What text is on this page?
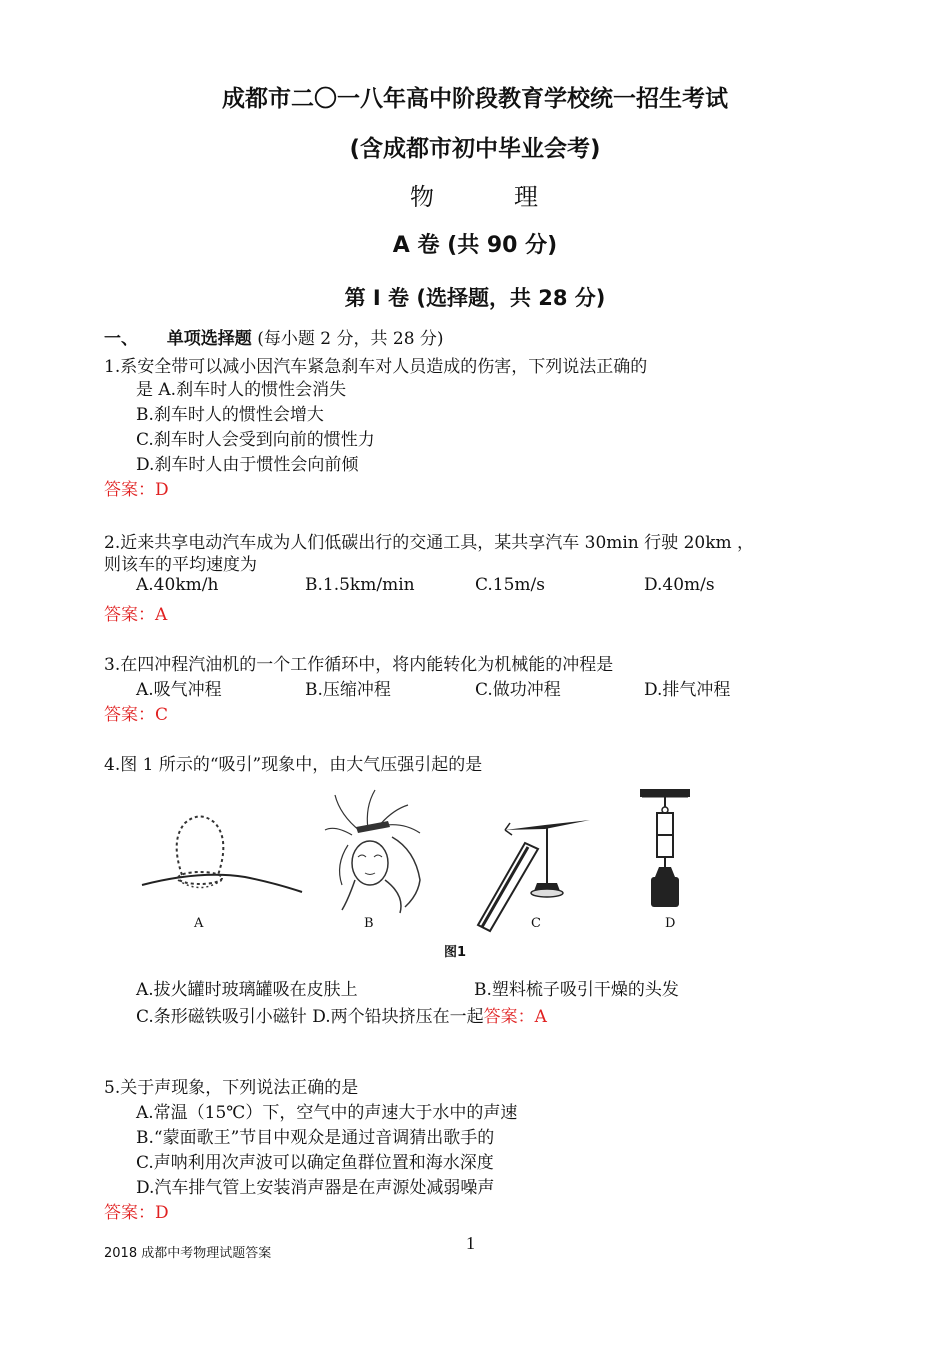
成都市二〇一八年高中阶段教育学校统一招生考试
(含成都市初中毕业会考)
物　　　理
A 卷 (共 90 分)
第 I 卷 (选择题，共 28 分)
一、 单项选择题 (每小题 2 分，共 28 分)
1.系安全带可以减小因汽车紧急刹车对人员造成的伤害，下列说法正确的
是 A.刹车时人的惯性会消失
B.刹车时人的惯性会增大
C.刹车时人会受到向前的惯性力
D.刹车时人由于惯性会向前倾
答案：D
2.近来共享电动汽车成为人们低碳出行的交通工具，某共享汽车 30min 行驶 20km ，
则该车的平均速度为
A.40km/h	B.1.5km/min	C.15m/s	D.40m/s
答案：A
3.在四冲程汽油机的一个工作循环中，将内能转化为机械能的冲程是
A.吸气冲程	B.压缩冲程	C.做功冲程	D.排气冲程
答案：C
4.图 1 所示的“吸引”现象中，由大气压强引起的是
A	B	C	D
图1
A.拔火罐时玻璃罐吸在皮肤上	B.塑料梳子吸引干燥的头发
C.条形磁铁吸引小磁针 D.两个铅块挤压在一起答案：A
5.关于声现象，下列说法正确的是
A.常温（15℃）下，空气中的声速大于水中的声速
B.“蒙面歌王”节目中观众是通过音调猜出歌手的
C.声呐利用次声波可以确定鱼群位置和海水深度
D.汽车排气管上安装消声器是在声源处减弱噪声
答案：D
1
2018 成都中考物理试题答案
